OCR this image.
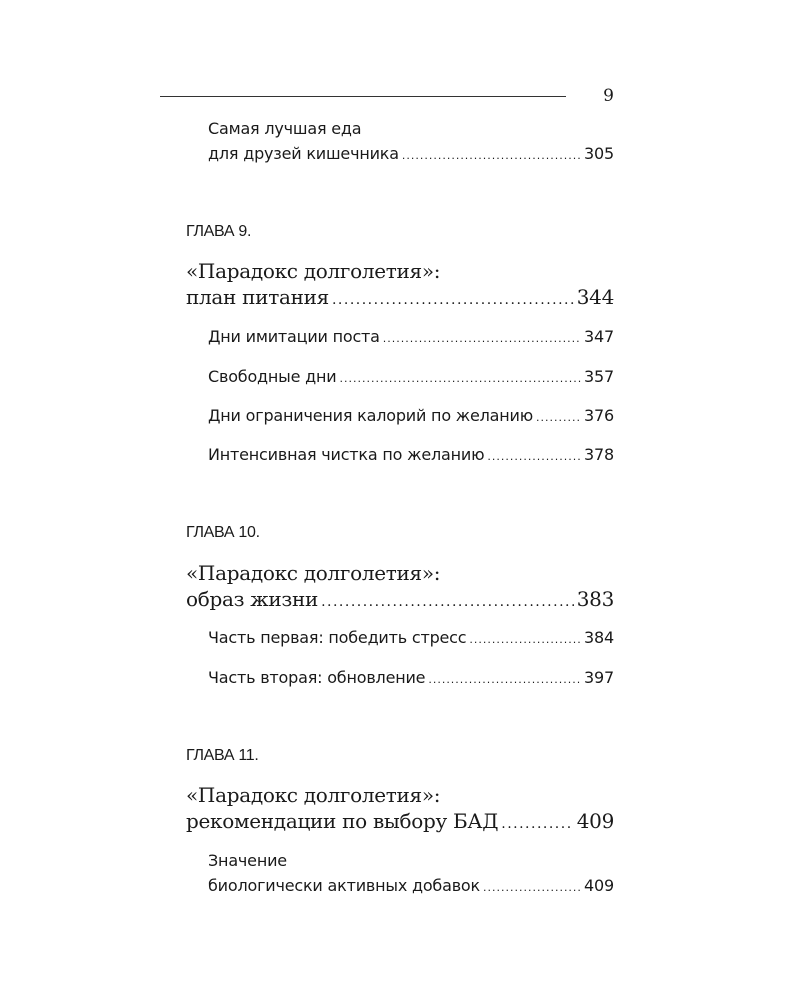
9
Самая лучшая еда
для друзей кишечника .....	305
ГЛАВА 9.
«Парадокс долголетия»:
план питания .....	344
Дни имитации поста .....	347
Свободные дни .....	357
Дни ограничения калорий по желанию .....	376
Интенсивная чистка по желанию .....	378
ГЛАВА 10.
«Парадокс долголетия»:
образ жизни .....	383
Часть первая: победить стресс .....	384
Часть вторая: обновление .....	397
ГЛАВА 11.
«Парадокс долголетия»:
рекомендации по выбору БАД .....	409
Значение
биологически активных добавок .....	409
